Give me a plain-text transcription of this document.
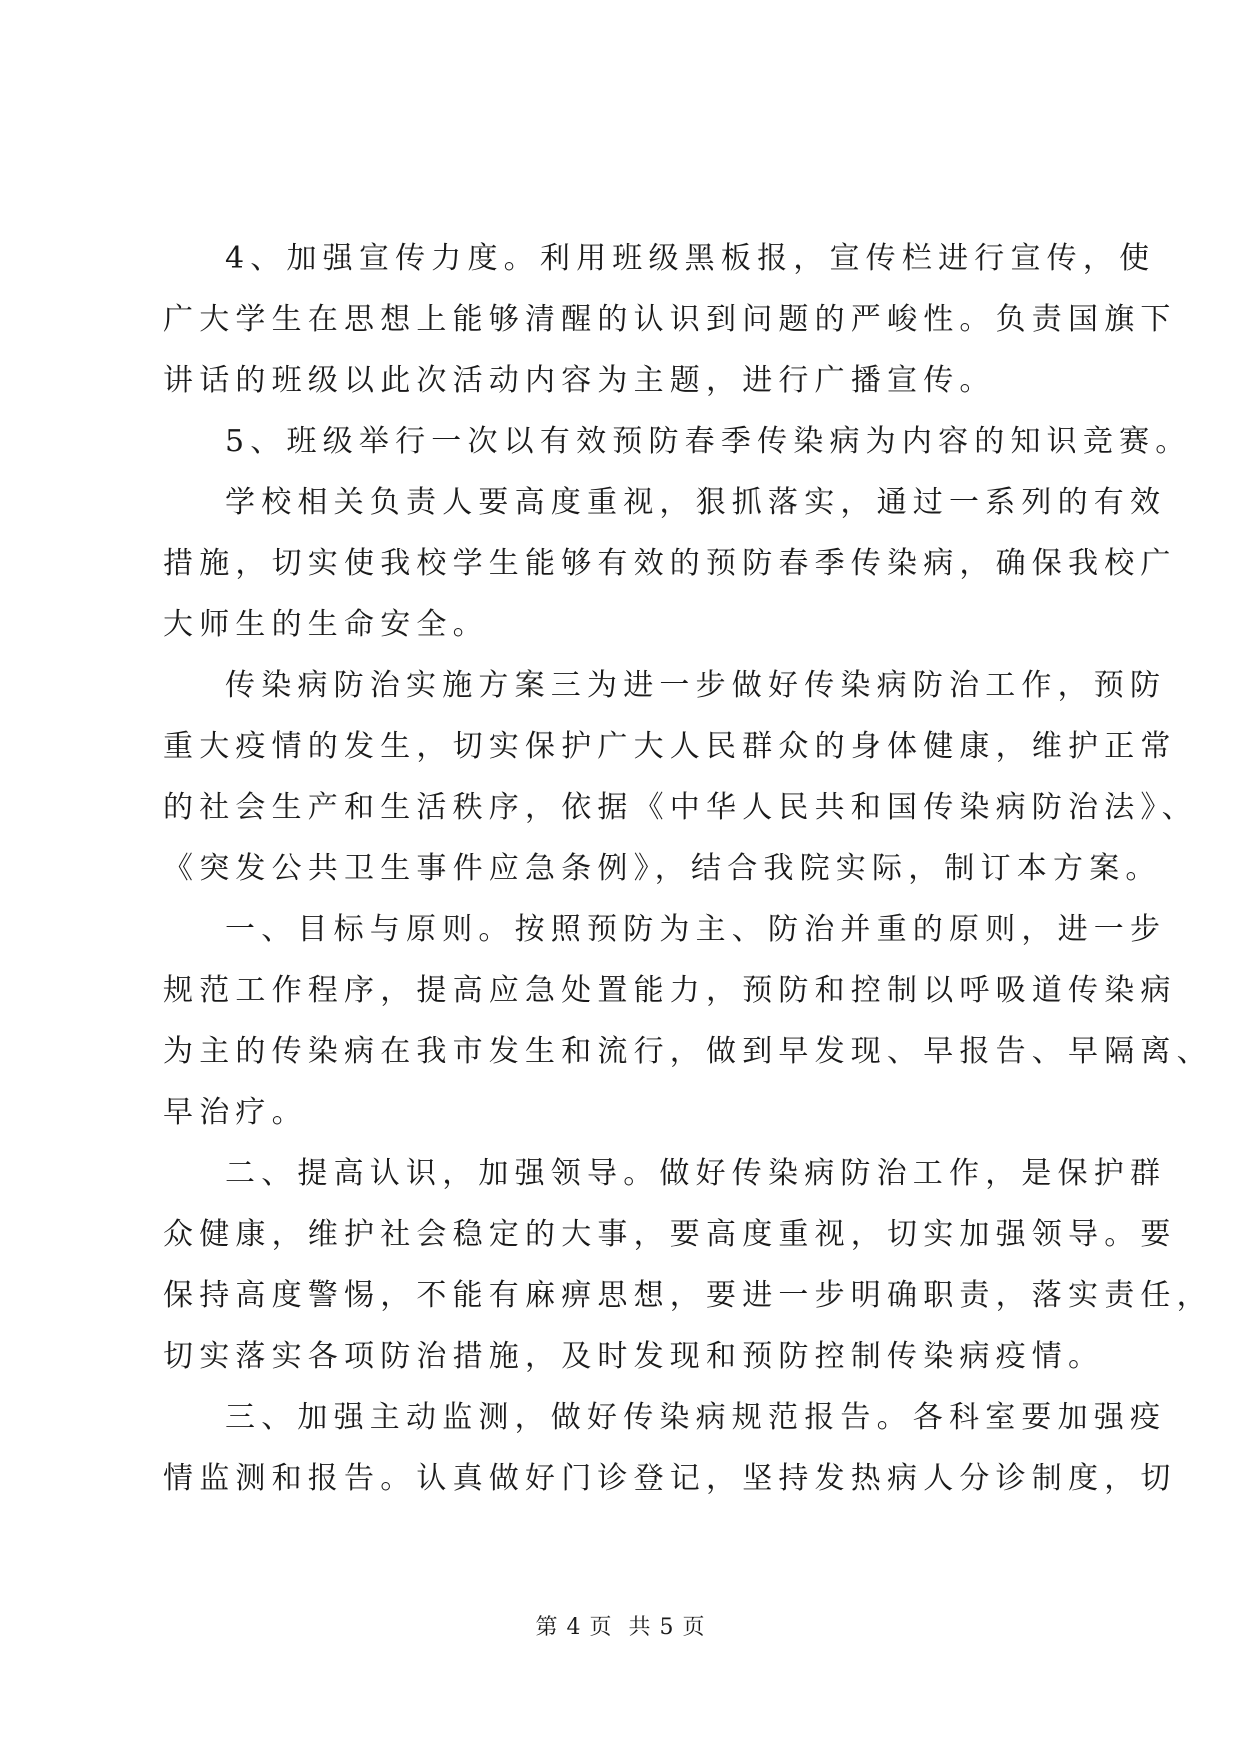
4、加强宣传力度。利用班级黑板报，宣传栏进行宣传，使
广大学生在思想上能够清醒的认识到问题的严峻性。负责国旗下
讲话的班级以此次活动内容为主题，进行广播宣传。
5、班级举行一次以有效预防春季传染病为内容的知识竞赛。
学校相关负责人要高度重视，狠抓落实，通过一系列的有效
措施，切实使我校学生能够有效的预防春季传染病，确保我校广
大师生的生命安全。
传染病防治实施方案三为进一步做好传染病防治工作，预防
重大疫情的发生，切实保护广大人民群众的身体健康，维护正常
的社会生产和生活秩序，依据《中华人民共和国传染病防治法》、
《突发公共卫生事件应急条例》，结合我院实际，制订本方案。
一、目标与原则。按照预防为主、防治并重的原则，进一步
规范工作程序，提高应急处置能力，预防和控制以呼吸道传染病
为主的传染病在我市发生和流行，做到早发现、早报告、早隔离、
早治疗。
二、提高认识，加强领导。做好传染病防治工作，是保护群
众健康，维护社会稳定的大事，要高度重视，切实加强领导。要
保持高度警惕，不能有麻痹思想，要进一步明确职责，落实责任，
切实落实各项防治措施，及时发现和预防控制传染病疫情。
三、加强主动监测，做好传染病规范报告。各科室要加强疫
情监测和报告。认真做好门诊登记，坚持发热病人分诊制度，切
第 4 页  共 5 页
